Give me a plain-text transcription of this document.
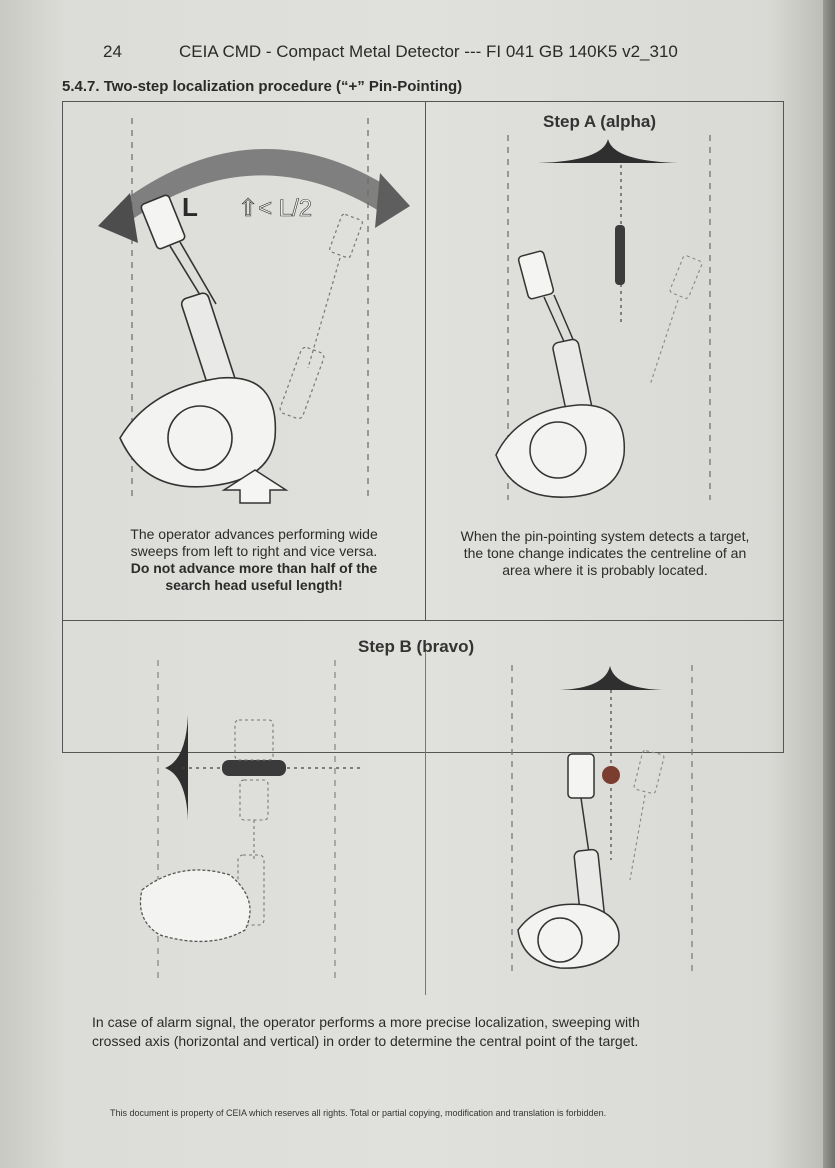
24	CEIA CMD - Compact Metal Detector --- FI 041 GB 140K5 v2_310
5.4.7. Two-step localization procedure (“+” Pin-Pointing)
L ⇧< L/2
The operator advances performing wide
sweeps from left to right and vice versa.
Do not advance more than half of the
search head useful length!
Step A (alpha)
When the pin-pointing system detects a target,
the tone change indicates the centreline of an
area where it is probably located.
Step B (bravo)
In case of alarm signal, the operator performs a more precise localization, sweeping with
crossed axis (horizontal and vertical) in order to determine the central point of the target.
This document is property of CEIA which reserves all rights. Total or partial copying, modification and translation is forbidden.
